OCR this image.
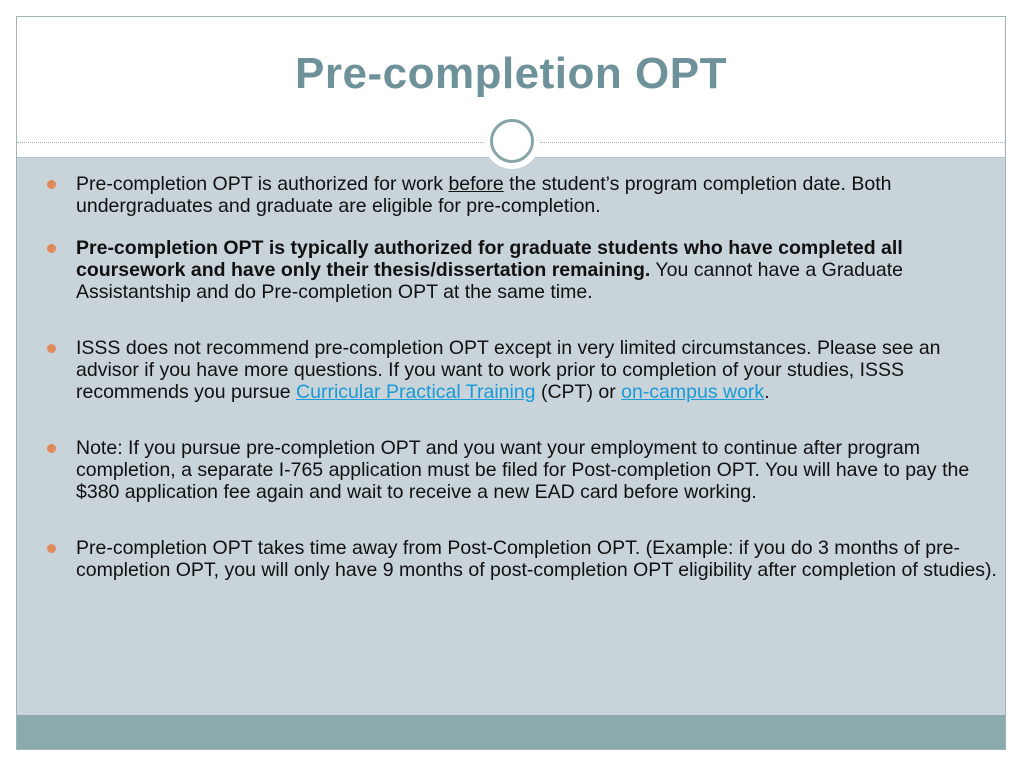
Pre-completion OPT
Pre-completion OPT is authorized for work before the student’s program completion date. Both undergraduates and graduate are eligible for pre-completion.
Pre-completion OPT is typically authorized for graduate students who have completed all coursework and have only their thesis/dissertation remaining. You cannot have a Graduate Assistantship and do Pre-completion OPT at the same time.
ISSS does not recommend pre-completion OPT except in very limited circumstances. Please see an advisor if you have more questions. If you want to work prior to completion of your studies, ISSS recommends you pursue Curricular Practical Training (CPT) or on-campus work.
Note: If you pursue pre-completion OPT and you want your employment to continue after program completion, a separate I-765 application must be filed for Post-completion OPT. You will have to pay the $380 application fee again and wait to receive a new EAD card before working.
Pre-completion OPT takes time away from Post-Completion OPT. (Example: if you do 3 months of pre-completion OPT, you will only have 9 months of post-completion OPT eligibility after completion of studies).
